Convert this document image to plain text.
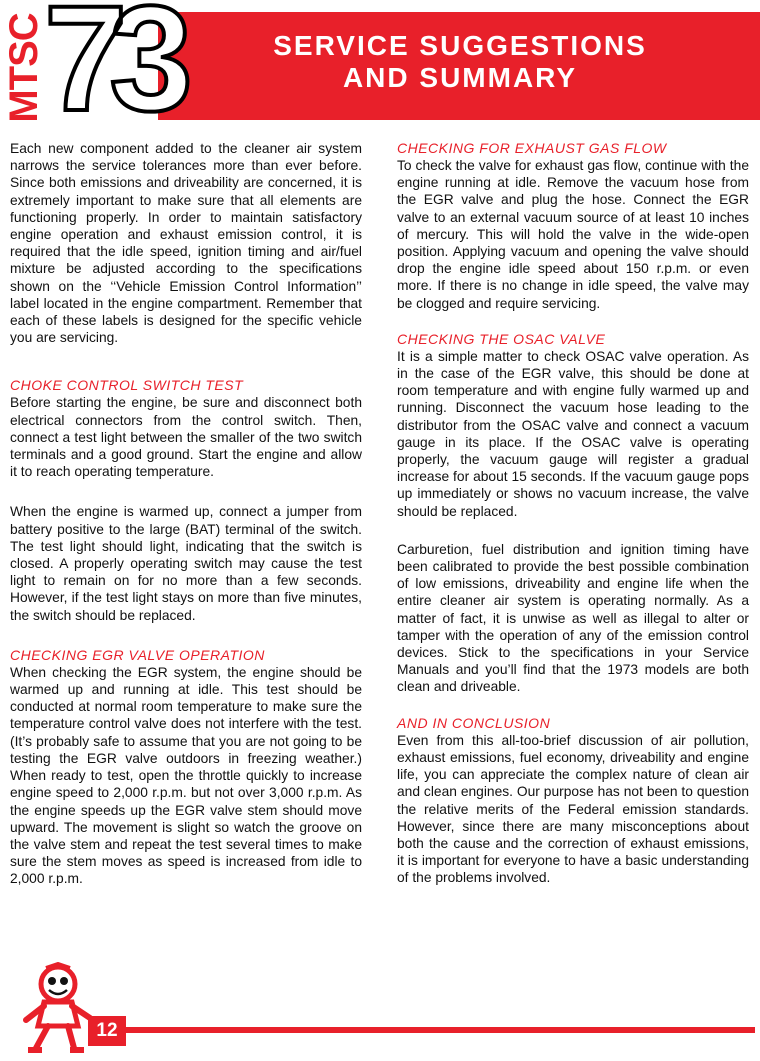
MTSC
73	SERVICE SUGGESTIONS
AND SUMMARY

Each new component added to the cleaner air system narrows the service tolerances more than ever before. Since both emissions and driveability are concerned, it is extremely important to make sure that all elements are functioning properly. In order to maintain satisfactory engine operation and exhaust emission control, it is required that the idle speed, ignition timing and air/fuel mixture be adjusted according to the specifications shown on the ‘‘Vehicle Emission Control Information’’ label located in the engine compartment. Remember that each of these labels is designed for the specific vehicle you are servicing.

CHOKE CONTROL SWITCH TEST

Before starting the engine, be sure and disconnect both electrical connectors from the control switch. Then, connect a test light between the smaller of the two switch terminals and a good ground. Start the engine and allow it to reach operating temperature.

When the engine is warmed up, connect a jumper from battery positive to the large (BAT) terminal of the switch. The test light should light, indicating that the switch is closed. A properly operating switch may cause the test light to remain on for no more than a few seconds. However, if the test light stays on more than five minutes, the switch should be replaced.

CHECKING EGR VALVE OPERATION

When checking the EGR system, the engine should be warmed up and running at idle. This test should be conducted at normal room temperature to make sure the temperature control valve does not interfere with the test. (It’s probably safe to assume that you are not going to be testing the EGR valve outdoors in freezing weather.) When ready to test, open the throttle quickly to increase engine speed to 2,000 r.p.m. but not over 3,000 r.p.m. As the engine speeds up the EGR valve stem should move upward. The movement is slight so watch the groove on the valve stem and repeat the test several times to make sure the stem moves as speed is increased from idle to 2,000 r.p.m.

CHECKING FOR EXHAUST GAS FLOW

To check the valve for exhaust gas flow, continue with the engine running at idle. Remove the vacuum hose from the EGR valve and plug the hose. Connect the EGR valve to an external vacuum source of at least 10 inches of mercury. This will hold the valve in the wide-open position. Applying vacuum and opening the valve should drop the engine idle speed about 150 r.p.m. or even more. If there is no change in idle speed, the valve may be clogged and require servicing.

CHECKING THE OSAC VALVE

It is a simple matter to check OSAC valve operation. As in the case of the EGR valve, this should be done at room temperature and with engine fully warmed up and running. Disconnect the vacuum hose leading to the distributor from the OSAC valve and connect a vacuum gauge in its place. If the OSAC valve is operating properly, the vacuum gauge will register a gradual increase for about 15 seconds. If the vacuum gauge pops up immediately or shows no vacuum increase, the valve should be replaced.

Carburetion, fuel distribution and ignition timing have been calibrated to provide the best possible combination of low emissions, driveability and engine life when the entire cleaner air system is operating normally. As a matter of fact, it is unwise as well as illegal to alter or tamper with the operation of any of the emission control devices. Stick to the specifications in your Service Manuals and you’ll find that the 1973 models are both clean and driveable.

AND IN CONCLUSION

Even from this all-too-brief discussion of air pollution, exhaust emissions, fuel economy, driveability and engine life, you can appreciate the complex nature of clean air and clean engines. Our purpose has not been to question the relative merits of the Federal emission standards. However, since there are many misconceptions about both the cause and the correction of exhaust emissions, it is important for everyone to have a basic understanding of the problems involved.

12
